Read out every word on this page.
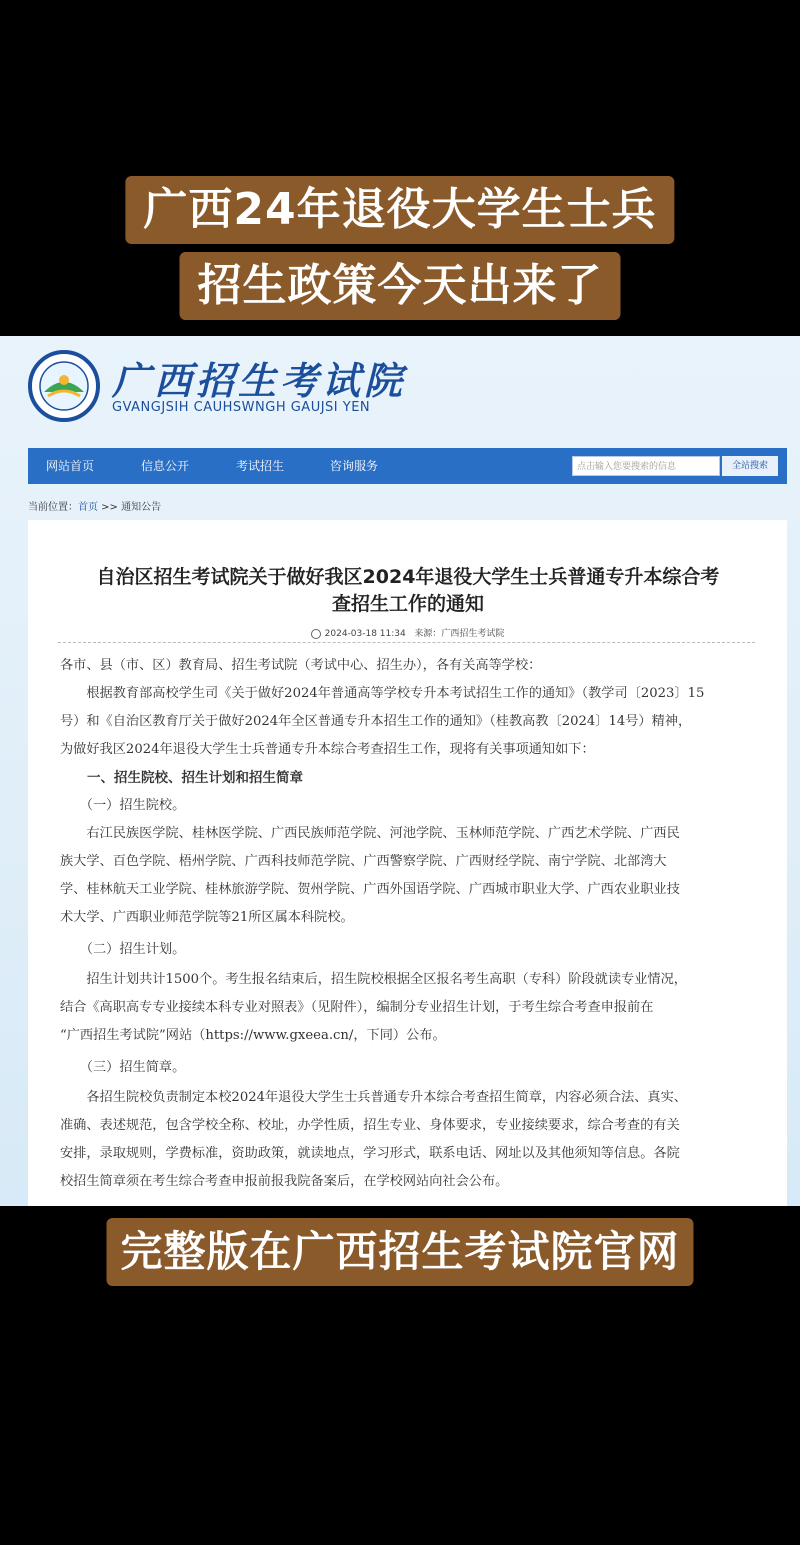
广西24年退役大学生士兵
招生政策今天出来了
广西招生考试院
GVANGJSIH CAUHSWNGH GAUJSI YEN
网站首页	信息公开	考试招生	咨询服务	点击输入您要搜索的信息	全站搜索
当前位置：首页 >> 通知公告
自治区招生考试院关于做好我区2024年退役大学生士兵普通专升本综合考
查招生工作的通知
2024-03-18 11:34 来源：广西招生考试院
各市、县（市、区）教育局、招生考试院（考试中心、招生办），各有关高等学校：
　　根据教育部高校学生司《关于做好2024年普通高等学校专升本考试招生工作的通知》（教学司〔2023〕15
号）和《自治区教育厅关于做好2024年全区普通专升本招生工作的通知》（桂教高教〔2024〕14号）精神，
为做好我区2024年退役大学生士兵普通专升本综合考查招生工作，现将有关事项通知如下：
　　一、招生院校、招生计划和招生简章
　　（一）招生院校。
　　右江民族医学院、桂林医学院、广西民族师范学院、河池学院、玉林师范学院、广西艺术学院、广西民
族大学、百色学院、梧州学院、广西科技师范学院、广西警察学院、广西财经学院、南宁学院、北部湾大
学、桂林航天工业学院、桂林旅游学院、贺州学院、广西外国语学院、广西城市职业大学、广西农业职业技
术大学、广西职业师范学院等21所区属本科院校。
　　（二）招生计划。
　　招生计划共计1500个。考生报名结束后，招生院校根据全区报名考生高职（专科）阶段就读专业情况，
结合《高职高专专业接续本科专业对照表》（见附件），编制分专业招生计划，于考生综合考查申报前在
“广西招生考试院”网站（https://www.gxeea.cn/，下同）公布。
　　（三）招生简章。
　　各招生院校负责制定本校2024年退役大学生士兵普通专升本综合考查招生简章，内容必须合法、真实、
准确、表述规范，包含学校全称、校址，办学性质，招生专业、身体要求，专业接续要求，综合考查的有关
安排，录取规则，学费标准，资助政策，就读地点，学习形式，联系电话、网址以及其他须知等信息。各院
校招生简章须在考生综合考查申报前报我院备案后，在学校网站向社会公布。
完整版在广西招生考试院官网
